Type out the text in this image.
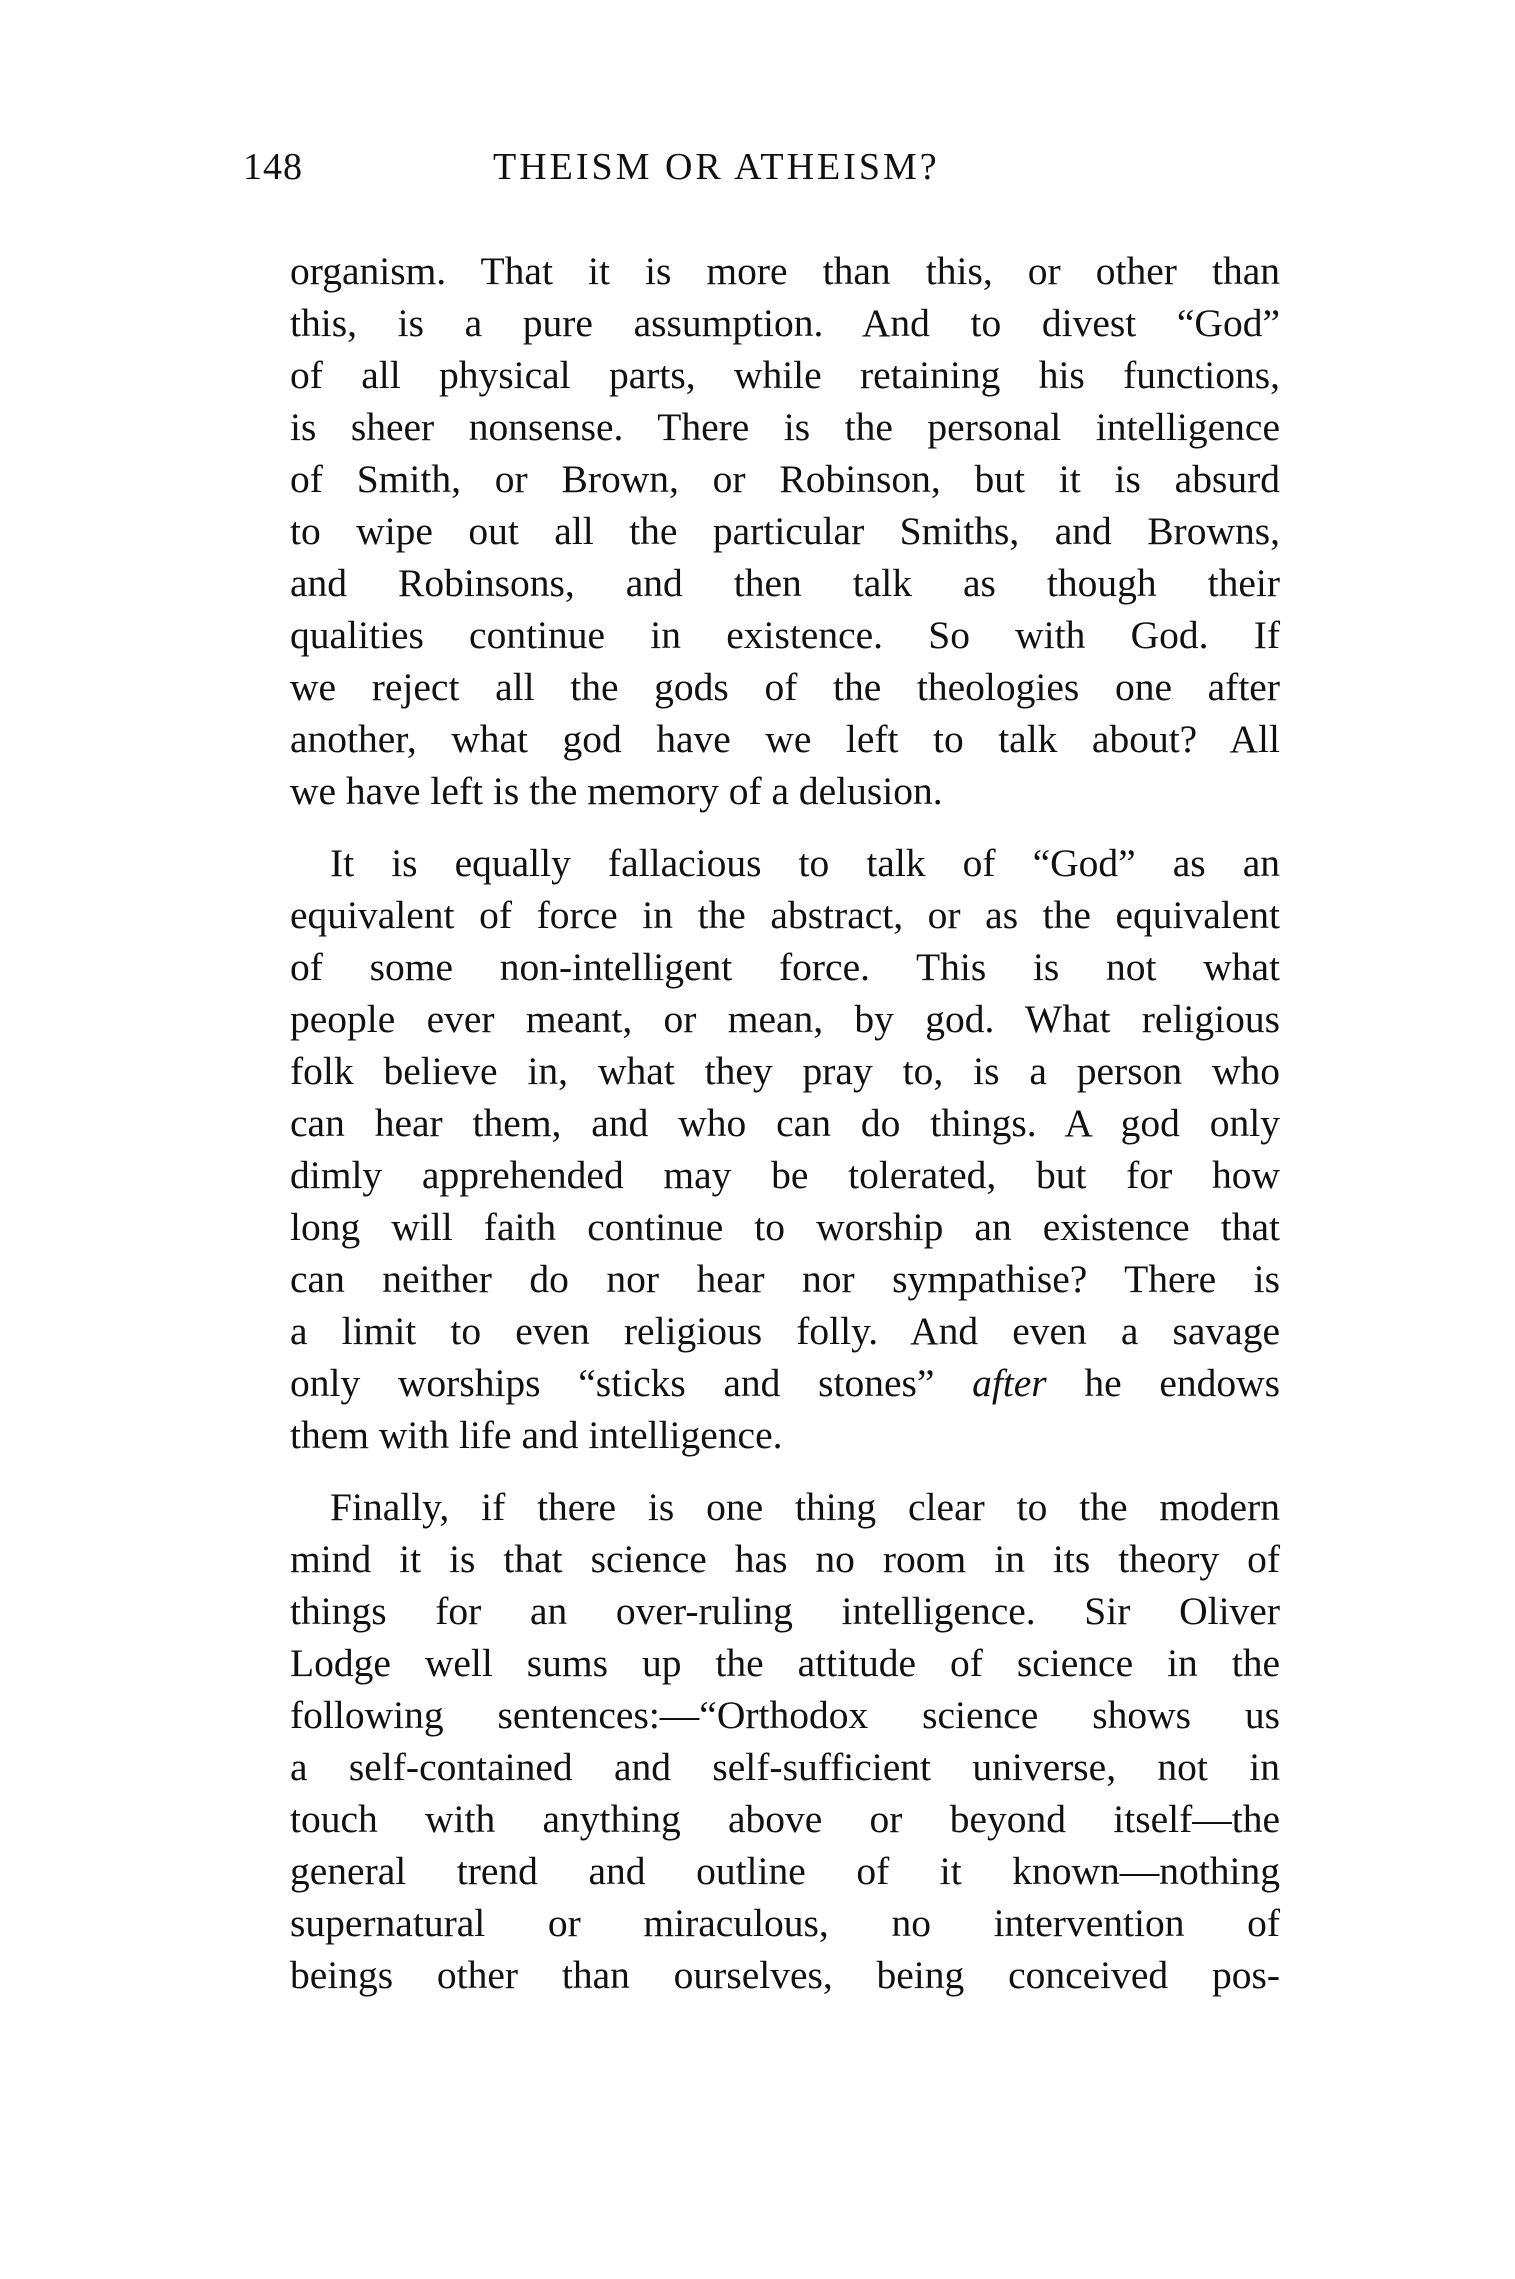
148	THEISM OR ATHEISM?
organism. That it is more than this, or other than
this, is a pure assumption. And to divest “God”
of all physical parts, while retaining his functions,
is sheer nonsense. There is the personal intelligence
of Smith, or Brown, or Robinson, but it is absurd
to wipe out all the particular Smiths, and Browns,
and Robinsons, and then talk as though their
qualities continue in existence. So with God. If
we reject all the gods of the theologies one after
another, what god have we left to talk about? All
we have left is the memory of a delusion.
It is equally fallacious to talk of “God” as an
equivalent of force in the abstract, or as the equivalent
of some non-intelligent force. This is not what
people ever meant, or mean, by god. What religious
folk believe in, what they pray to, is a person who
can hear them, and who can do things. A god only
dimly apprehended may be tolerated, but for how
long will faith continue to worship an existence that
can neither do nor hear nor sympathise? There is
a limit to even religious folly. And even a savage
only worships “sticks and stones” after he endows
them with life and intelligence.
Finally, if there is one thing clear to the modern
mind it is that science has no room in its theory of
things for an over-ruling intelligence. Sir Oliver
Lodge well sums up the attitude of science in the
following sentences:—“Orthodox science shows us
a self-contained and self-sufficient universe, not in
touch with anything above or beyond itself—the
general trend and outline of it known—nothing
supernatural or miraculous, no intervention of
beings other than ourselves, being conceived pos-
